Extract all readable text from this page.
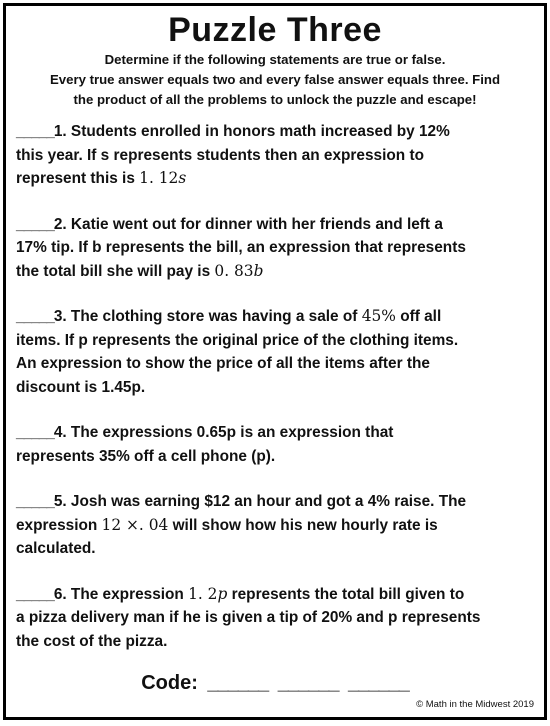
Puzzle Three
Determine if the following statements are true or false.
Every true answer equals two and every false answer equals three. Find
the product of all the problems to unlock the puzzle and escape!
_____1. Students enrolled in honors math increased by 12%
this year. If s represents students then an expression to
represent this is 1. 12s
_____2. Katie went out for dinner with her friends and left a
17% tip. If b represents the bill, an expression that represents
the total bill she will pay is 0. 83b
_____3. The clothing store was having a sale of 45% off all
items. If p represents the original price of the clothing items.
An expression to show the price of all the items after the
discount is 1.45p.
_____4. The expressions 0.65p is an expression that
represents 35% off a cell phone (p).
_____5. Josh was earning $12 an hour and got a 4% raise. The
expression 12 ×. 04 will show how his new hourly rate is
calculated.
_____6. The expression 1. 2p represents the total bill given to
a pizza delivery man if he is given a tip of 20% and p represents
the cost of the pizza.
Code: ______ ______ ______
© Math in the Midwest 2019
